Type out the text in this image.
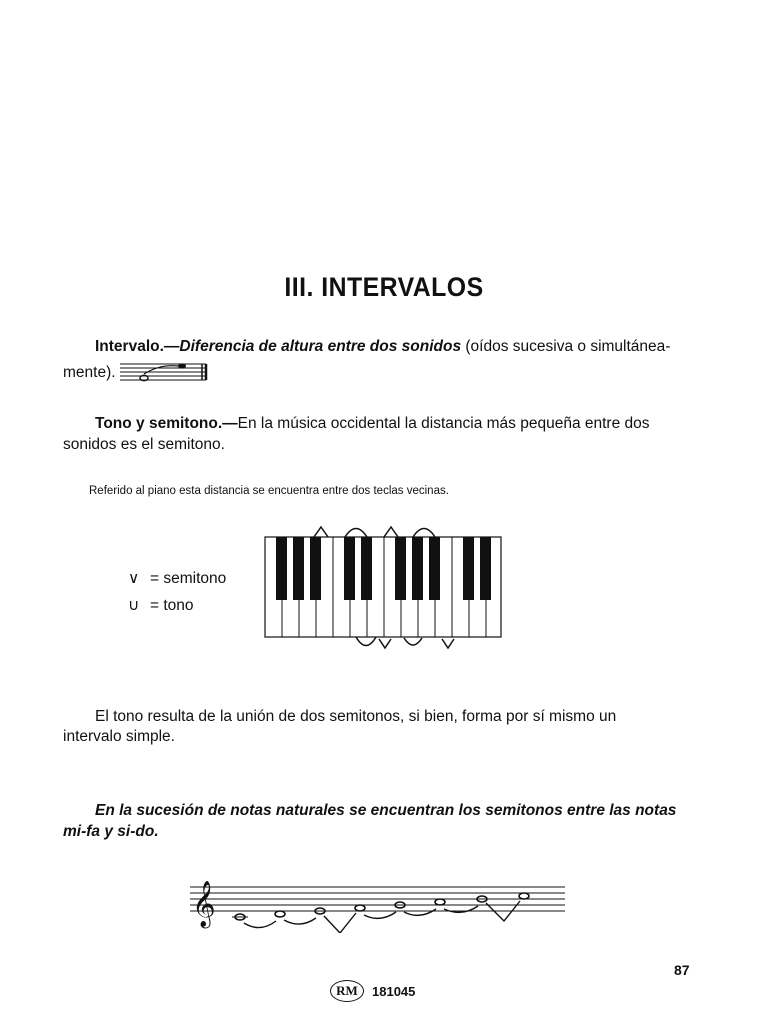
III. INTERVALOS
Intervalo.—Diferencia de altura entre dos sonidos (oídos sucesiva o simultánea-
mente).
Tono y semitono.—En la música occidental la distancia más pequeña entre dos
sonidos es el semitono.
Referido al piano esta distancia se encuentra entre dos teclas vecinas.
∨ = semitono
∪ = tono
El tono resulta de la unión de dos semitonos, si bien, forma por sí mismo un
intervalo simple.
En la sucesión de notas naturales se encuentran los semitonos entre las notas
mi-fa y si-do.
𝄞
87
RM	181045
